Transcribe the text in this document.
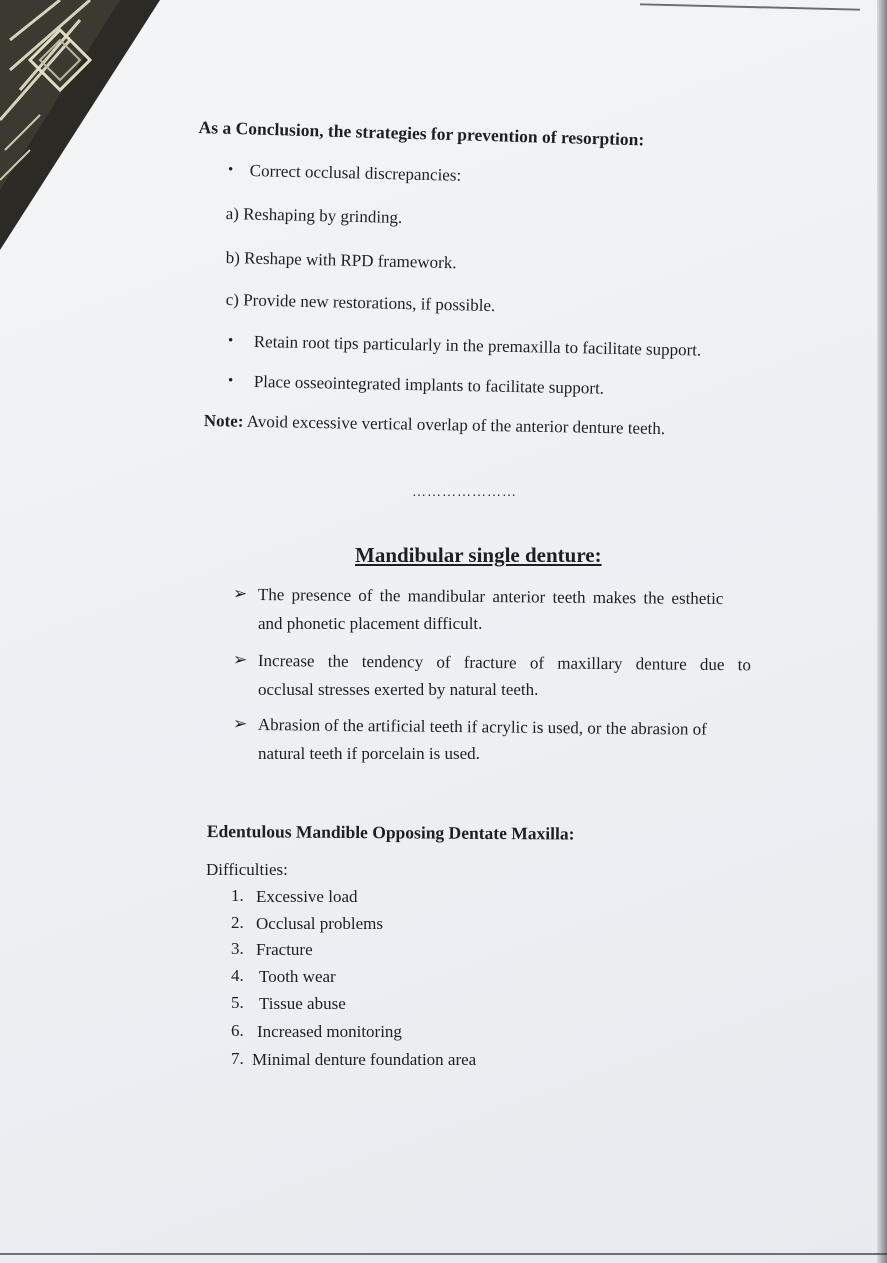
As a Conclusion, the strategies for prevention of resorption:
• Correct occlusal discrepancies:
a) Reshaping by grinding.
b) Reshape with RPD framework.
c) Provide new restorations, if possible.
• Retain root tips particularly in the premaxilla to facilitate support.
• Place osseointegrated implants to facilitate support.
Note: Avoid excessive vertical overlap of the anterior denture teeth.
…………………
Mandibular single denture:
➢ The presence of the mandibular anterior teeth makes the esthetic
and phonetic placement difficult.
➢ Increase the tendency of fracture of maxillary denture due to
occlusal stresses exerted by natural teeth.
➢ Abrasion of the artificial teeth if acrylic is used, or the abrasion of
natural teeth if porcelain is used.
Edentulous Mandible Opposing Dentate Maxilla:
Difficulties:
1. Excessive load
2. Occlusal problems
3. Fracture
4. Tooth wear
5. Tissue abuse
6. Increased monitoring
7. Minimal denture foundation area
